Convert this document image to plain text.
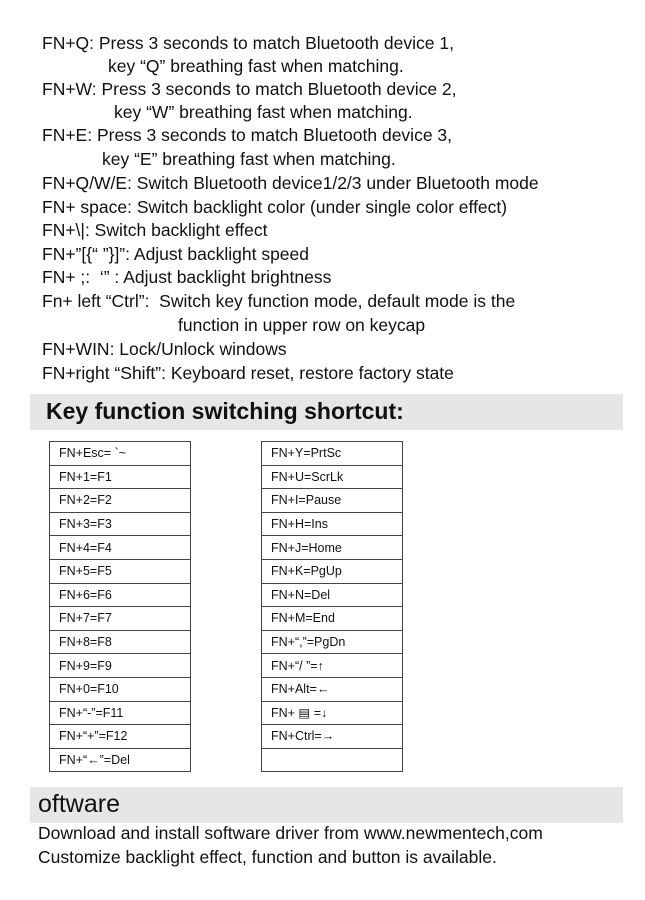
FN+Q: Press 3 seconds to match Bluetooth device 1,
key “Q” breathing fast when matching.
FN+W: Press 3 seconds to match Bluetooth device 2,
key “W” breathing fast when matching.
FN+E: Press 3 seconds to match Bluetooth device 3,
key “E” breathing fast when matching.
FN+Q/W/E: Switch Bluetooth device1/2/3 under Bluetooth mode
FN+ space: Switch backlight color (under single color effect)
FN+\|: Switch backlight effect
FN+”[{“ ”}]”: Adjust backlight speed
FN+ ;:  ‘” : Adjust backlight brightness
Fn+ left “Ctrl”:  Switch key function mode, default mode is the
function in upper row on keycap
FN+WIN: Lock/Unlock windows
FN+right “Shift”: Keyboard reset, restore factory state
Key function switching shortcut:
FN+Esc= `~
FN+1=F1
FN+2=F2
FN+3=F3
FN+4=F4
FN+5=F5
FN+6=F6
FN+7=F7
FN+8=F8
FN+9=F9
FN+0=F10
FN+“-”=F11
FN+“+”=F12
FN+“←”=Del
FN+Y=PrtSc
FN+U=ScrLk
FN+I=Pause
FN+H=Ins
FN+J=Home
FN+K=PgUp
FN+N=Del
FN+M=End
FN+“,”=PgDn
FN+“/ ”=↑
FN+Alt=←
FN+ ▤ =↓
FN+Ctrl=→

oftware
Download and install software driver from www.newmentech,com
Customize backlight effect, function and button is available.
